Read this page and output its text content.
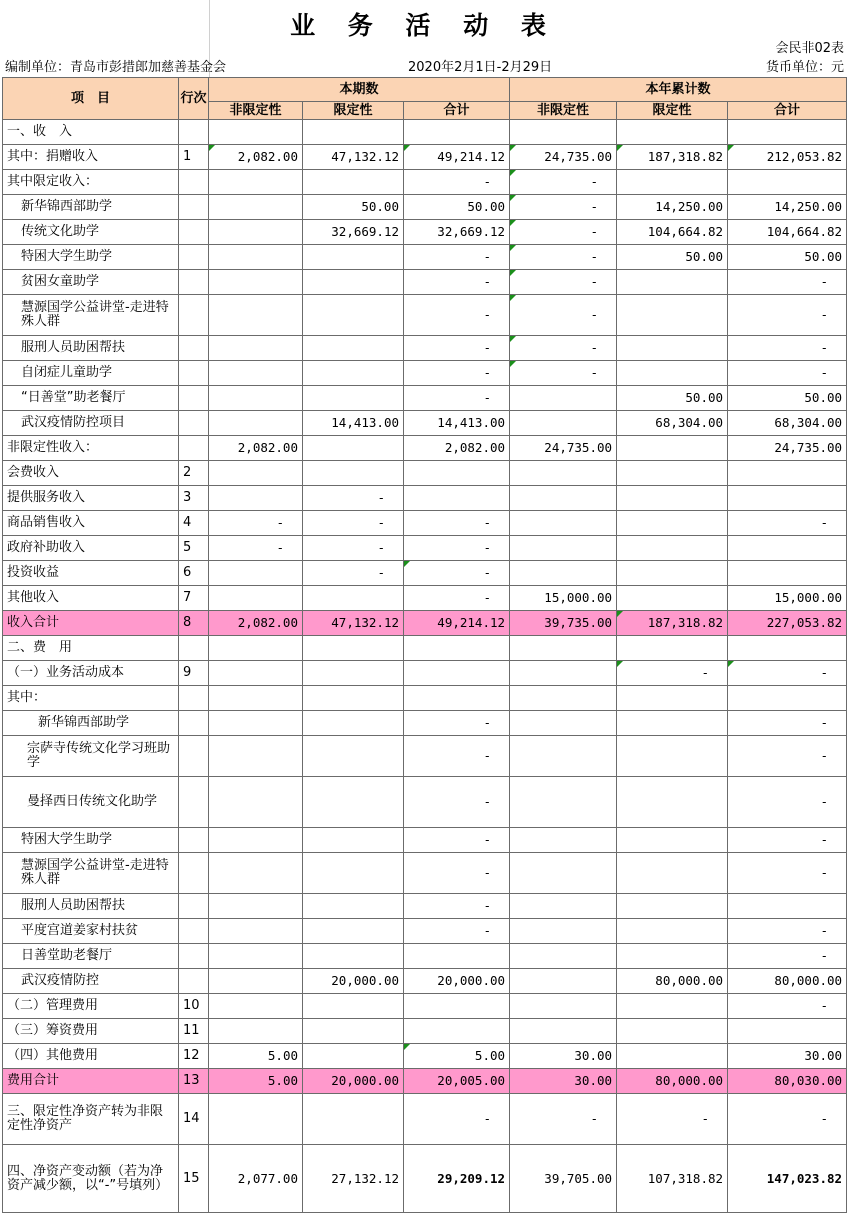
业 务 活 动 表
会民非02表
编制单位：青岛市彭措郎加慈善基金会	2020年2月1日-2月29日	货币单位：元
项　目	行次	本期数			本年累计数		
		非限定性	限定性	合计	非限定性	限定性	合计
一、收　入							
其中：捐赠收入	1	2,082.00	47,132.12	49,214.12	24,735.00	187,318.82	212,053.82
其中限定收入：				-	-		
新华锦西部助学			50.00	50.00	-	14,250.00	14,250.00
传统文化助学			32,669.12	32,669.12	-	104,664.82	104,664.82
特困大学生助学				-	-	50.00	50.00
贫困女童助学				-	-		-
慧源国学公益讲堂-走进特殊人群				-	-		-
服刑人员助困帮扶				-	-		-
自闭症儿童助学				-	-		-
“日善堂”助老餐厅				-		50.00	50.00
武汉疫情防控项目			14,413.00	14,413.00		68,304.00	68,304.00
非限定性收入：		2,082.00		2,082.00	24,735.00		24,735.00
会费收入	2						
提供服务收入	3		-				
商品销售收入	4	-	-	-			-
政府补助收入	5	-	-	-			
投资收益	6		-	-			
其他收入	7			-	15,000.00		15,000.00
收入合计	8	2,082.00	47,132.12	49,214.12	39,735.00	187,318.82	227,053.82
二、费　用							
（一）业务活动成本	9					-	-
其中：							
新华锦西部助学				-			-
宗萨寺传统文化学习班助学				-			-
曼择西日传统文化助学				-			-
特困大学生助学				-			-
慧源国学公益讲堂-走进特殊人群				-			-
服刑人员助困帮扶				-			
平度宫道姜家村扶贫				-			-
日善堂助老餐厅							-
武汉疫情防控			20,000.00	20,000.00		80,000.00	80,000.00
（二）管理费用	10						-
（三）筹资费用	11						
（四）其他费用	12	5.00		5.00	30.00		30.00
费用合计	13	5.00	20,000.00	20,005.00	30.00	80,000.00	80,030.00
三、限定性净资产转为非限定性净资产	14			-	-	-	-
四、净资产变动额（若为净资产减少额，以“-”号填列）	15	2,077.00	27,132.12	29,209.12	39,705.00	107,318.82	147,023.82
